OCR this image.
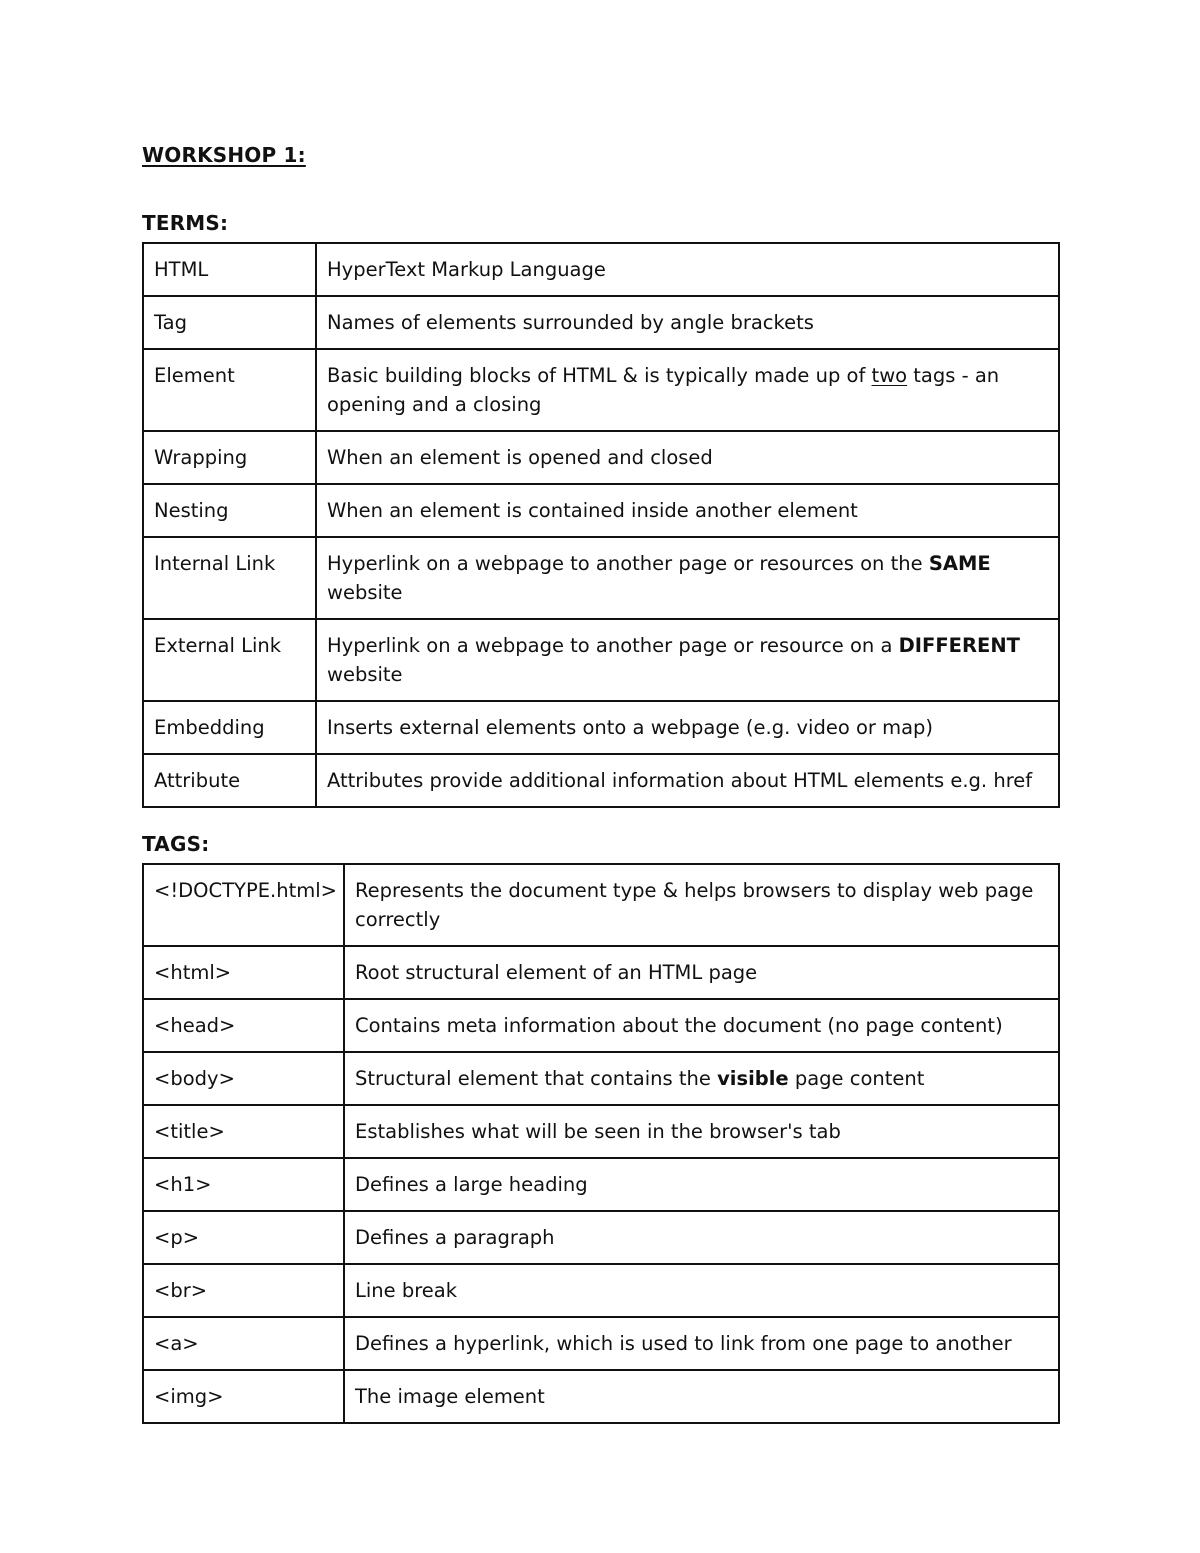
WORKSHOP 1:
TERMS:
HTML	HyperText Markup Language
Tag	Names of elements surrounded by angle brackets
Element	Basic building blocks of HTML & is typically made up of two tags - an opening and a closing
Wrapping	When an element is opened and closed
Nesting	When an element is contained inside another element
Internal Link	Hyperlink on a webpage to another page or resources on the SAME website
External Link	Hyperlink on a webpage to another page or resource on a DIFFERENT website
Embedding	Inserts external elements onto a webpage (e.g. video or map)
Attribute	Attributes provide additional information about HTML elements e.g. href
TAGS:
<!DOCTYPE.html>	Represents the document type & helps browsers to display web page correctly
<html>	Root structural element of an HTML page
<head>	Contains meta information about the document (no page content)
<body>	Structural element that contains the visible page content
<title>	Establishes what will be seen in the browser's tab
<h1>	Defines a large heading
<p>	Defines a paragraph
<br>	Line break
<a>	Defines a hyperlink, which is used to link from one page to another
<img>	The image element
